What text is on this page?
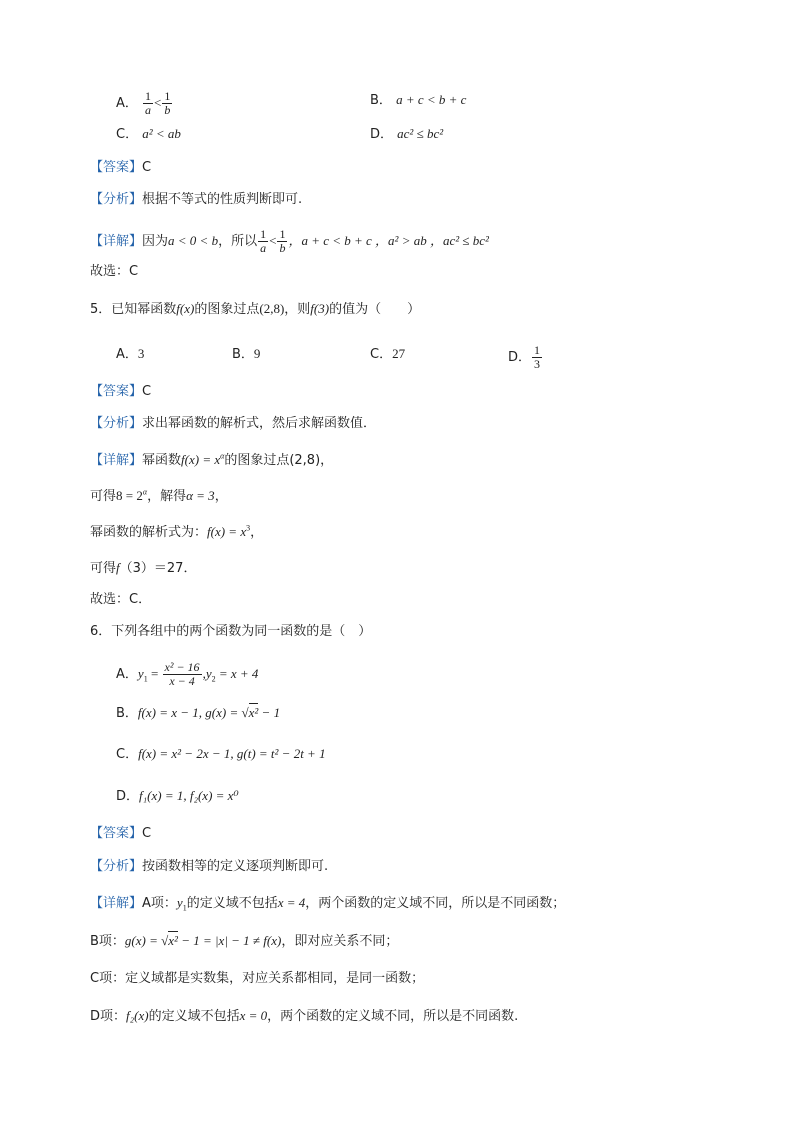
A． $\frac{1}{a} < \frac{1}{b}$	B． a + c < b + c
C． a² < ab	D． ac² ≤ bc²
【答案】C
【分析】根据不等式的性质判断即可.
【详解】因为a < 0 < b，所以 $\frac{1}{a} < \frac{1}{b}$ ，a + c < b + c ，a² > ab ，ac² ≤ bc²
故选：C
5．已知幂函数f(x)的图象过点(2,8)，则f(3)的值为（　　）
A．3	B．9	C．27	D． $\frac{1}{3}$
【答案】C
【分析】求出幂函数的解析式，然后求解函数值．
【详解】幂函数$f(x) = x^\alpha$的图象过点(2,8)，
可得$8 = 2^\alpha$，解得α = 3，
幂函数的解析式为：$f(x) = x^3$，
可得f（3）＝27．
故选：C．
6．下列各组中的两个函数为同一函数的是（　）
A．$y_1 = \frac{\text{x² − 16}}{x - 4} ,y_2 = x + 4$
B．f(x) = x − 1, g(x) = √x² − 1
C．f(x) = x² − 2x − 1, g(t) = t² − 2t + 1
D．f₁(x) = 1, f₂(x) = x⁰
【答案】C
【分析】按函数相等的定义逐项判断即可.
【详解】A项：$y_1$的定义域不包括x = 4，两个函数的定义域不同，所以是不同函数；
B项：g(x) = √x² − 1 = |x| − 1 ≠ f(x)，即对应关系不同；
C项：定义域都是实数集，对应关系都相同，是同一函数；
D项：f₂(x)的定义域不包括x = 0，两个函数的定义域不同，所以是不同函数.
